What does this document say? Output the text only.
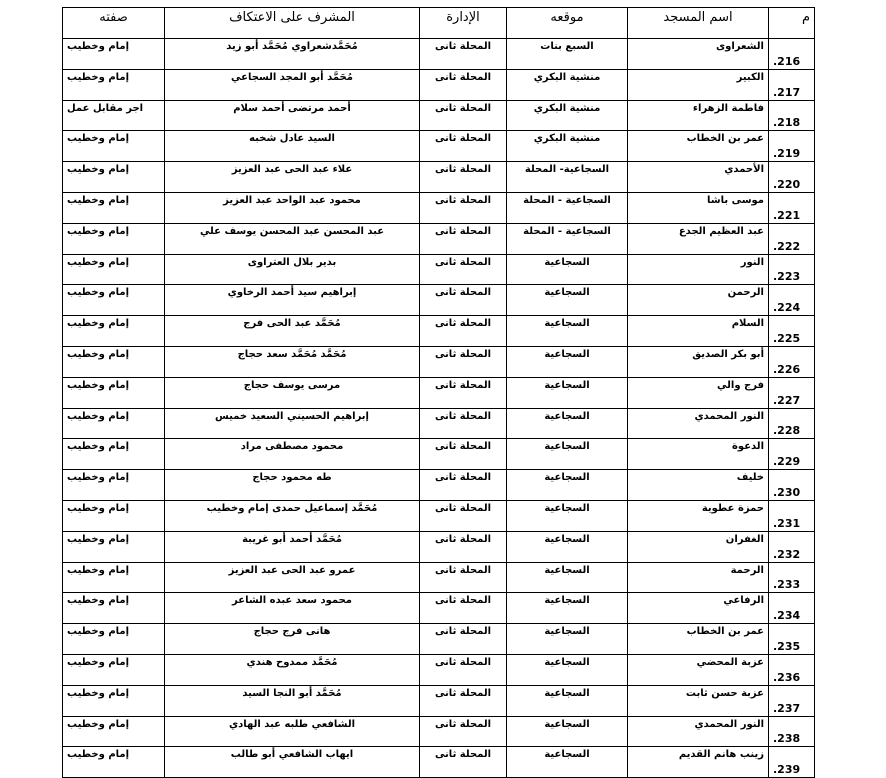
م	اسم المسجد	موقعه	الإدارة	المشرف على الاعتكاف	صفته
.216	الشعراوى	السبع بنات	المحلة ثانى	مُحَمَّدشعراوي مُحَمَّد أبو زيد	إمام وخطيب
.217	الكبير	منشية البكري	المحلة ثانى	مُحَمَّد أبو المجد السجاعي	إمام وخطيب
.218	فاطمة الزهراء	منشية البكري	المحلة ثانى	أحمد مرتضى أحمد سلام	اجر مقابل عمل
.219	عمر بن الخطاب	منشية البكري	المحلة ثانى	السيد عادل شخبه	إمام وخطيب
.220	الأحمدي	السجاعية- المحلة	المحلة ثانى	علاء عبد الحى عبد العزيز	إمام وخطيب
.221	موسى باشا	السجاعية - المحلة	المحلة ثانى	محمود عبد الواحد عبد العزيز	إمام وخطيب
.222	عبد العظيم الجدع	السجاعية - المحلة	المحلة ثانى	عبد المحسن عبد المحسن يوسف علي	إمام وخطيب
.223	النور	السجاعية	المحلة ثانى	بدير بلال العتراوى	إمام وخطيب
.224	الرحمن	السجاعية	المحلة ثانى	إبراهيم سيد أحمد الرخاوي	إمام وخطيب
.225	السلام	السجاعية	المحلة ثانى	مُحَمَّد عبد الحى فرج	إمام وخطيب
.226	أبو بكر الصديق	السجاعية	المحلة ثانى	مُحَمَّد مُحَمَّد سعد حجاج	إمام وخطيب
.227	فرج والي	السجاعية	المحلة ثانى	مرسى يوسف حجاج	إمام وخطيب
.228	النور المحمدي	السجاعية	المحلة ثانى	إبراهيم الحسيني السعيد خميس	إمام وخطيب
.229	الدعوة	السجاعية	المحلة ثانى	محمود مصطفى مراد	إمام وخطيب
.230	خليف	السجاعية	المحلة ثانى	طه محمود حجاج	إمام وخطيب
.231	حمزة عطوية	السجاعية	المحلة ثانى	مُحَمَّد إسماعيل حمدى إمام وخطيب	إمام وخطيب
.232	الغفران	السجاعية	المحلة ثانى	مُحَمَّد أحمد أبو غريبة	إمام وخطيب
.233	الرحمة	السجاعية	المحلة ثانى	عمرو عبد الحى عبد العزيز	إمام وخطيب
.234	الرفاعي	السجاعية	المحلة ثانى	محمود سعد عبده الشاعر	إمام وخطيب
.235	عمر بن الخطاب	السجاعية	المحلة ثانى	هانى فرج حجاج	إمام وخطيب
.236	عزبة المحضي	السجاعية	المحلة ثانى	مُحَمَّد ممدوح هندي	إمام وخطيب
.237	عزبة حسن ثابت	السجاعية	المحلة ثانى	مُحَمَّد أبو النجا السيد	إمام وخطيب
.238	النور المحمدي	السجاعية	المحلة ثانى	الشافعي طلبه عبد الهادي	إمام وخطيب
.239	زينب هانم القديم	السجاعية	المحلة ثانى	ايهاب الشافعي أبو طالب	إمام وخطيب
